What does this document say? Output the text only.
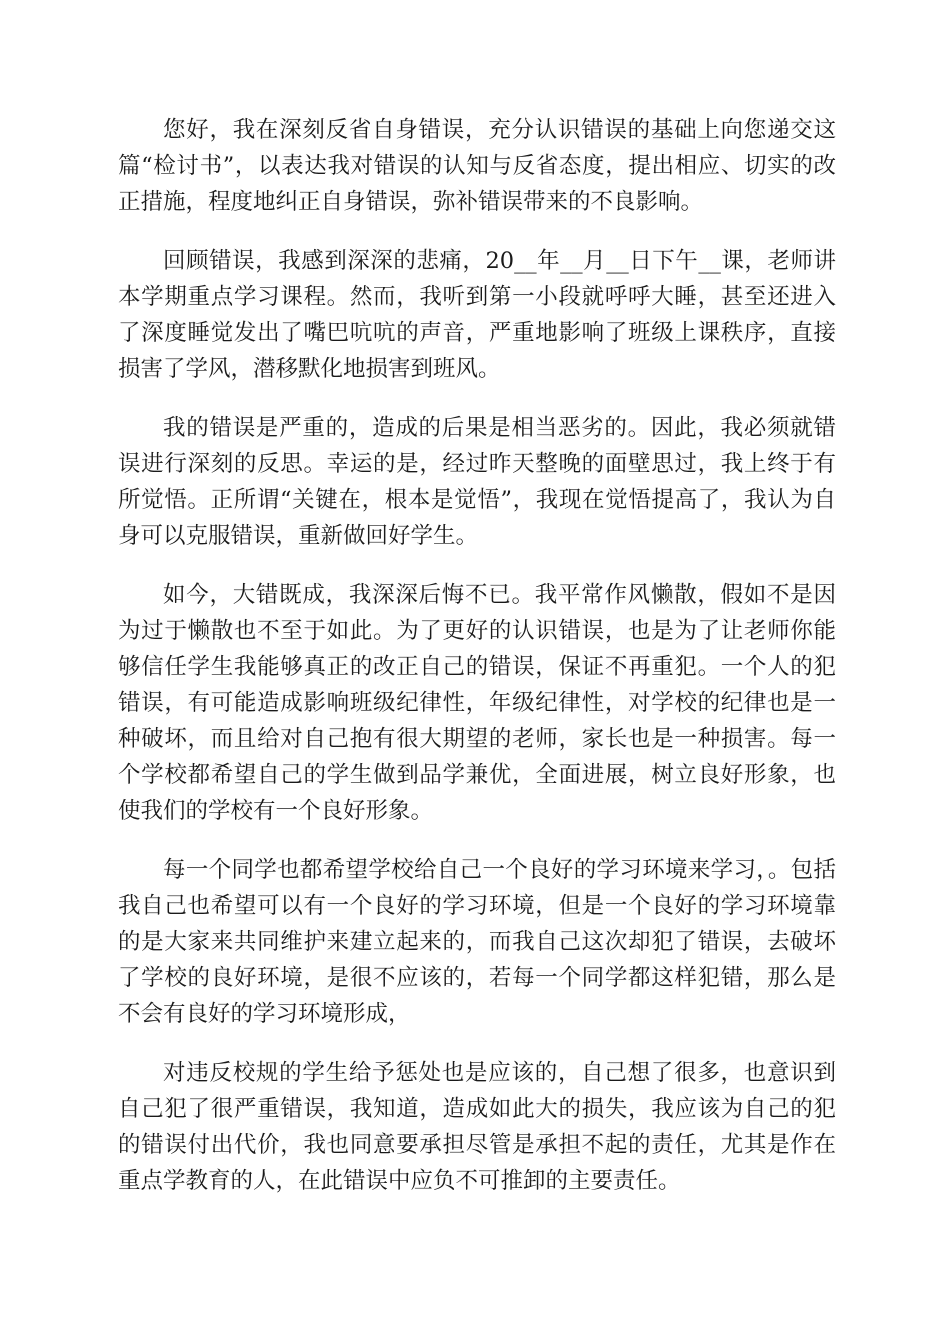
您好，我在深刻反省自身错误，充分认识错误的基础上向您递交这篇“检讨书”，以表达我对错误的认知与反省态度，提出相应、切实的改正措施，程度地纠正自身错误，弥补错误带来的不良影响。

回顾错误，我感到深深的悲痛，20__年__月__日下午__课，老师讲本学期重点学习课程。然而，我听到第一小段就呼呼大睡，甚至还进入了深度睡觉发出了嘴巴吭吭的声音，严重地影响了班级上课秩序，直接损害了学风，潜移默化地损害到班风。

我的错误是严重的，造成的后果是相当恶劣的。因此，我必须就错误进行深刻的反思。幸运的是，经过昨天整晚的面壁思过，我上终于有所觉悟。正所谓“关键在，根本是觉悟”，我现在觉悟提高了，我认为自身可以克服错误，重新做回好学生。

如今，大错既成，我深深后悔不已。我平常作风懒散，假如不是因为过于懒散也不至于如此。为了更好的认识错误，也是为了让老师你能够信任学生我能够真正的改正自己的错误，保证不再重犯。一个人的犯错误，有可能造成影响班级纪律性，年级纪律性，对学校的纪律也是一种破坏，而且给对自己抱有很大期望的老师，家长也是一种损害。每一个学校都希望自己的学生做到品学兼优，全面进展，树立良好形象，也使我们的学校有一个良好形象。

每一个同学也都希望学校给自己一个良好的学习环境来学习，。包括我自己也希望可以有一个良好的学习环境，但是一个良好的学习环境靠的是大家来共同维护来建立起来的，而我自己这次却犯了错误，去破坏了学校的良好环境，是很不应该的，若每一个同学都这样犯错，那么是不会有良好的学习环境形成，

对违反校规的学生给予惩处也是应该的，自己想了很多，也意识到自己犯了很严重错误，我知道，造成如此大的损失，我应该为自己的犯的错误付出代价，我也同意要承担尽管是承担不起的责任，尤其是作在重点学教育的人，在此错误中应负不可推卸的主要责任。
